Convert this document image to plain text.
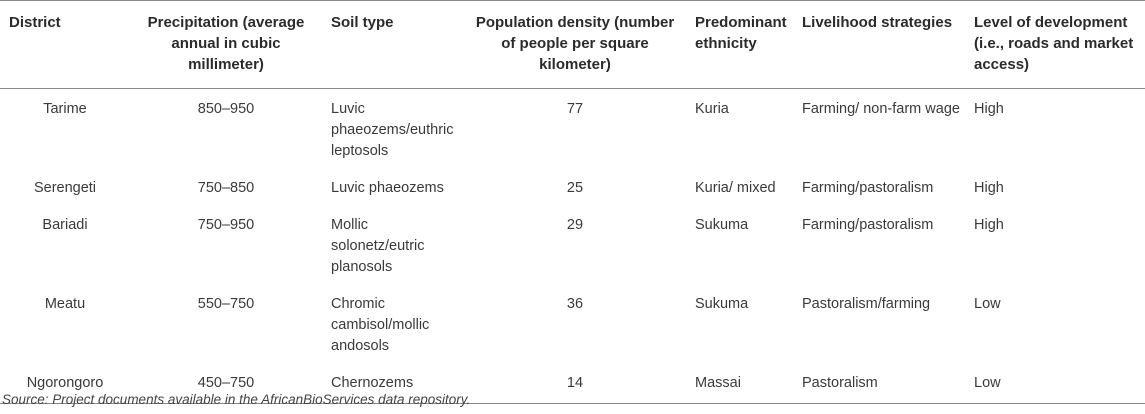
District	Precipitation (average annual in cubic millimeter)	Soil type	Population density (number of people per square kilometer)	Predominant ethnicity	Livelihood strategies	Level of development (i.e., roads and market access)
Tarime	850–950	Luvic phaeozems/euthric leptosols	77	Kuria	Farming/ non-farm wage	High
Serengeti	750–850	Luvic phaeozems	25	Kuria/ mixed	Farming/pastoralism	High
Bariadi	750–950	Mollic solonetz/eutric planosols	29	Sukuma	Farming/pastoralism	High
Meatu	550–750	Chromic cambisol/mollic andosols	36	Sukuma	Pastoralism/farming	Low
Ngorongoro	450–750	Chernozems	14	Massai	Pastoralism	Low
Source: Project documents available in the AfricanBioServices data repository.
